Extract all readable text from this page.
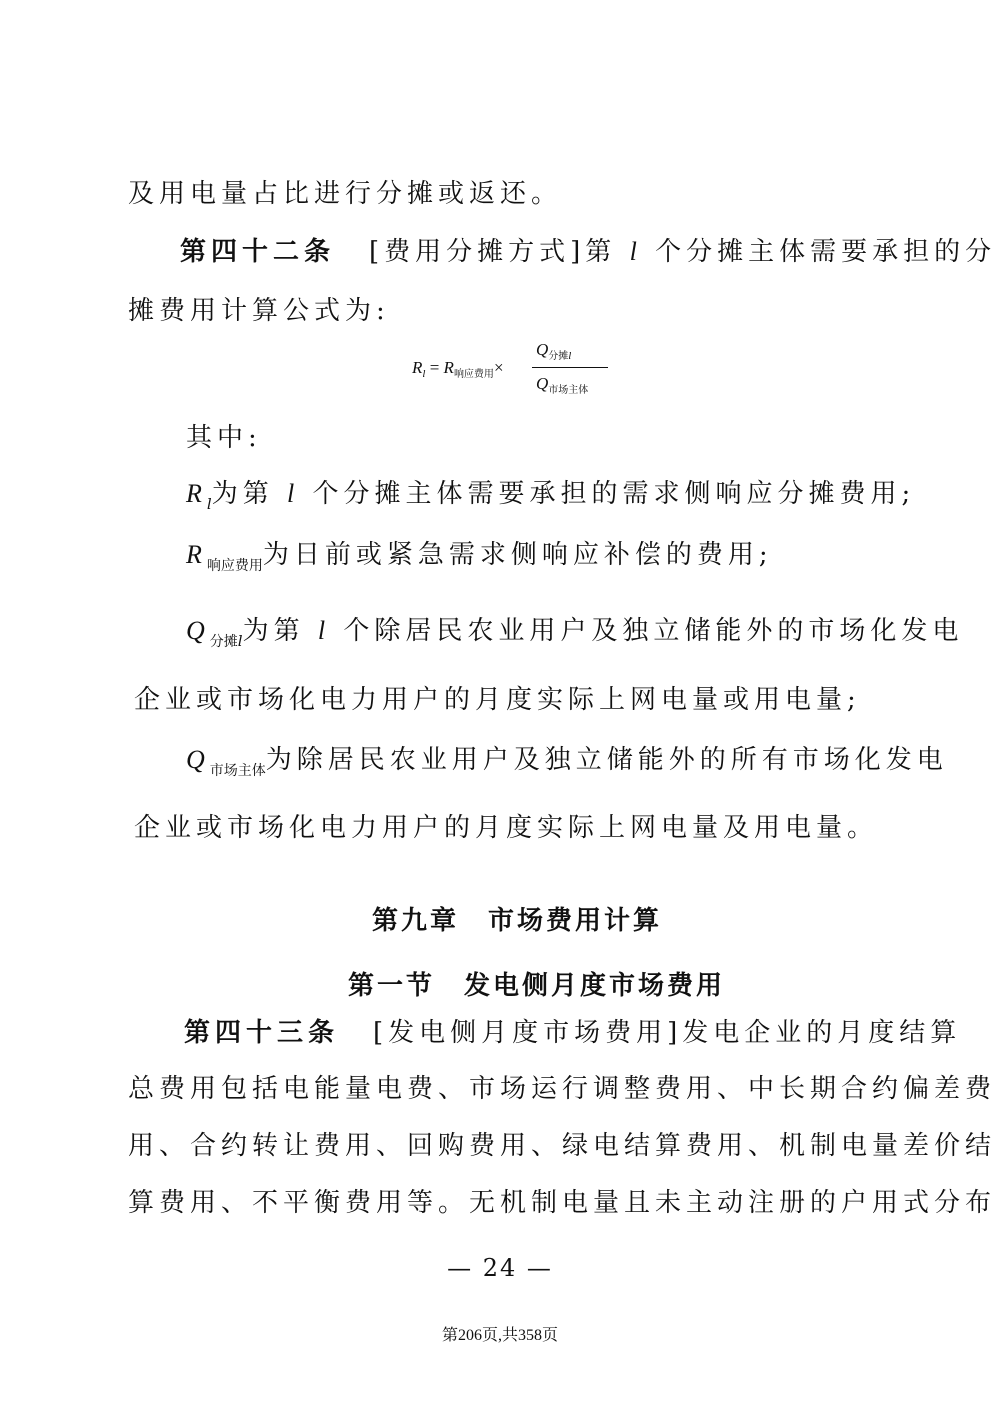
及用电量占比进行分摊或返还。
第四十二条 [费用分摊方式]第 l 个分摊主体需要承担的分
摊费用计算公式为:
$R_l = R_{响应费用}\times$
$Q_{分摊l}$
$Q_{市场主体}$
其中:
$R_l$为第 l 个分摊主体需要承担的需求侧响应分摊费用;
$R_{响应费用}$为日前或紧急需求侧响应补偿的费用;
$Q_{分摊l}$为第 l 个除居民农业用户及独立储能外的市场化发电
企业或市场化电力用户的月度实际上网电量或用电量;
$Q_{市场主体}$为除居民农业用户及独立储能外的所有市场化发电
企业或市场化电力用户的月度实际上网电量及用电量。
第九章　市场费用计算
第一节　发电侧月度市场费用
第四十三条 [发电侧月度市场费用]发电企业的月度结算
总费用包括电能量电费、市场运行调整费用、中长期合约偏差费
用、合约转让费用、回购费用、绿电结算费用、机制电量差价结
算费用、不平衡费用等。无机制电量且未主动注册的户用式分布
— 24 —
第206页,共358页
